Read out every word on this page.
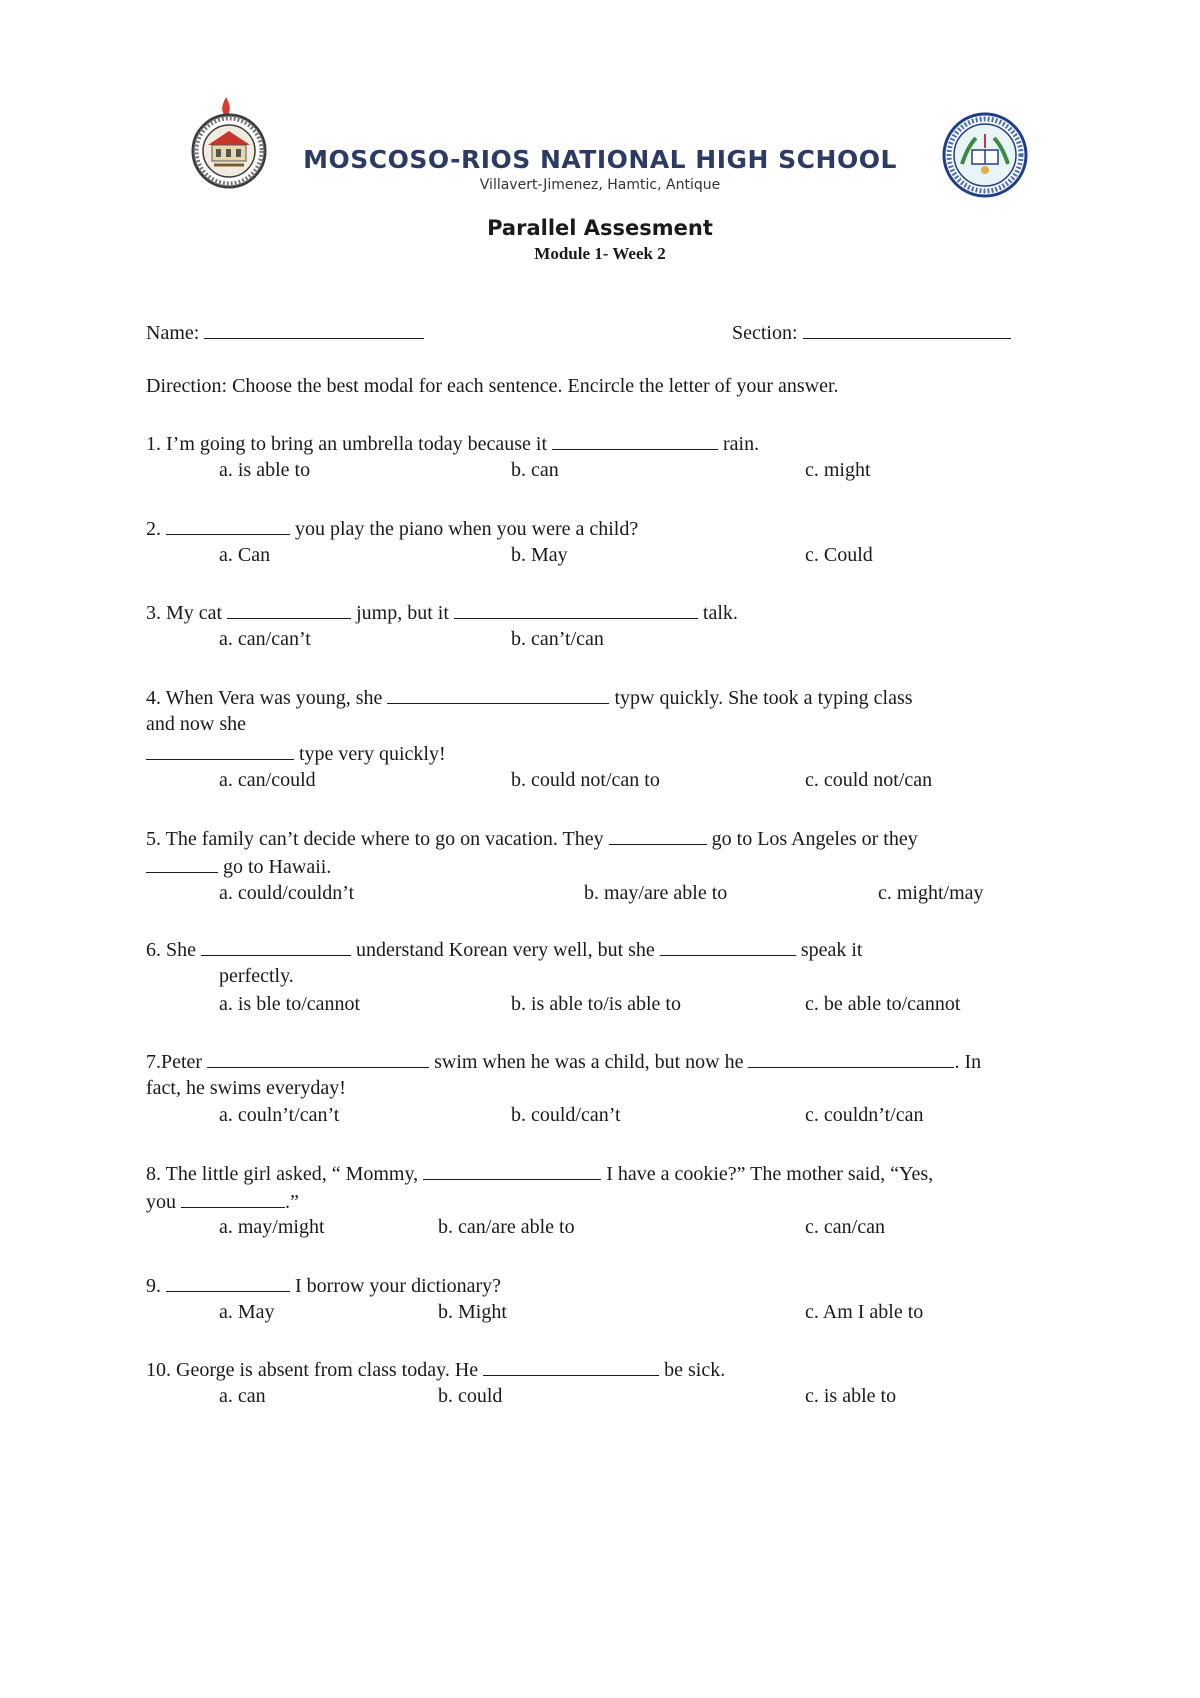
MOSCOSO-RIOS NATIONAL HIGH SCHOOL
Villavert-Jimenez, Hamtic, Antique
Parallel Assesment
Module 1- Week 2
Name:	Section:
Direction: Choose the best modal for each sentence. Encircle the letter of your answer.
1. I’m going to bring an umbrella today because it	rain.
a. is able to	b. can	c. might
2.	you play the piano when you were a child?
a. Can	b. May	c. Could
3. My cat	jump, but it	talk.
a. can/can’t	b. can’t/can
4. When Vera was young, she	typw quickly. She took a typing class
and now she
type very quickly!
a. can/could	b. could not/can to	c. could not/can
5. The family can’t decide where to go on vacation. They	go to Los Angeles or they
go to Hawaii.
a. could/couldn’t	b. may/are able to	c. might/may
6. She	understand Korean very well, but she	speak it
perfectly.
a. is ble to/cannot	b. is able to/is able to	c. be able to/cannot
7.Peter	swim when he was a child, but now he	. In
fact, he swims everyday!
a. couln’t/can’t	b. could/can’t	c. couldn’t/can
8. The little girl asked, “ Mommy,	I have a cookie?” The mother said, “Yes,
you	.”
a. may/might	b. can/are able to	c. can/can
9.	I borrow your dictionary?
a. May	b. Might	c. Am I able to
10. George is absent from class today. He	be sick.
a. can	b. could	c. is able to
